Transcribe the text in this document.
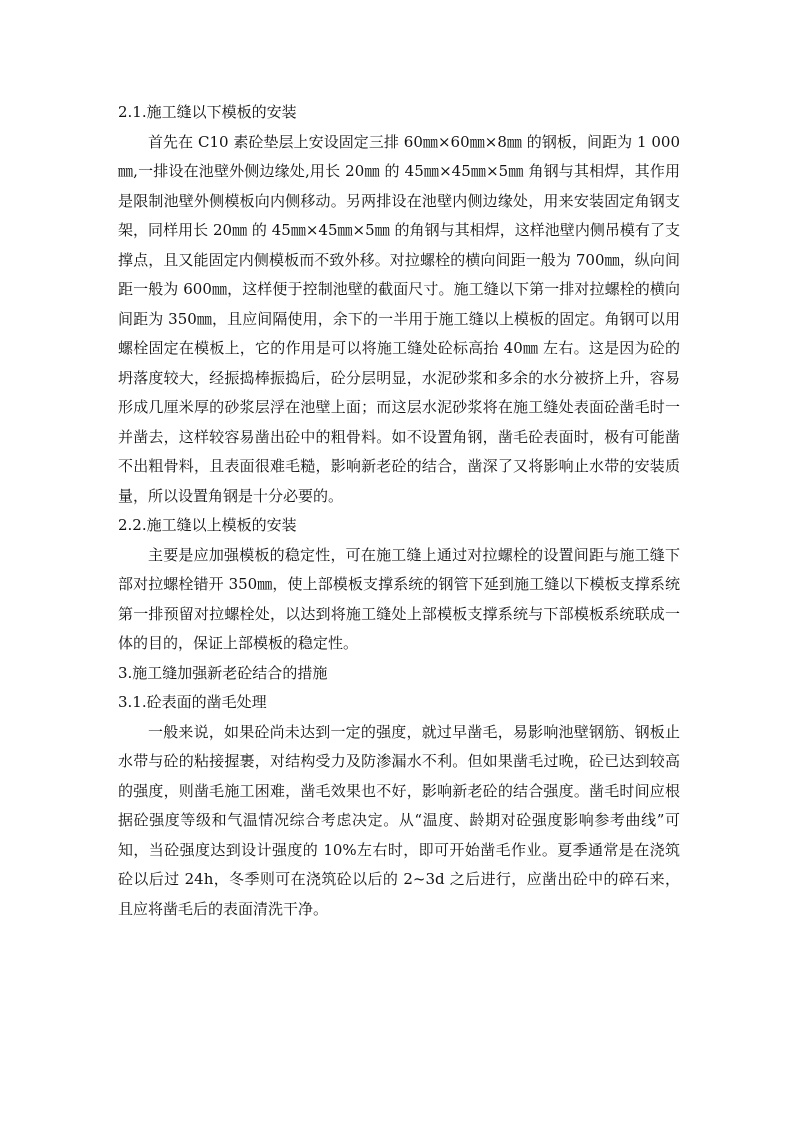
2.1.施工缝以下模板的安装

首先在 C10 素砼垫层上安设固定三排 60㎜×60㎜×8㎜ 的钢板，间距为 1 000㎜,一排设在池壁外侧边缘处,用长 20㎜ 的 45㎜×45㎜×5㎜ 角钢与其相焊，其作用是限制池壁外侧模板向内侧移动。另两排设在池壁内侧边缘处，用来安装固定角钢支架，同样用长 20㎜ 的 45㎜×45㎜×5㎜ 的角钢与其相焊，这样池壁内侧吊模有了支撑点，且又能固定内侧模板而不致外移。对拉螺栓的横向间距一般为 700㎜，纵向间距一般为 600㎜，这样便于控制池壁的截面尺寸。施工缝以下第一排对拉螺栓的横向间距为 350㎜，且应间隔使用，余下的一半用于施工缝以上模板的固定。角钢可以用螺栓固定在模板上，它的作用是可以将施工缝处砼标高抬 40㎜ 左右。这是因为砼的坍落度较大，经振捣棒振捣后，砼分层明显，水泥砂浆和多余的水分被挤上升，容易形成几厘米厚的砂浆层浮在池壁上面；而这层水泥砂浆将在施工缝处表面砼凿毛时一并凿去，这样较容易凿出砼中的粗骨料。如不设置角钢，凿毛砼表面时，极有可能凿不出粗骨料，且表面很难毛糙，影响新老砼的结合，凿深了又将影响止水带的安装质量，所以设置角钢是十分必要的。

2.2.施工缝以上模板的安装

主要是应加强模板的稳定性，可在施工缝上通过对拉螺栓的设置间距与施工缝下部对拉螺栓错开 350㎜，使上部模板支撑系统的钢管下延到施工缝以下模板支撑系统第一排预留对拉螺栓处，以达到将施工缝处上部模板支撑系统与下部模板系统联成一体的目的，保证上部模板的稳定性。

3.施工缝加强新老砼结合的措施
3.1.砼表面的凿毛处理

一般来说，如果砼尚未达到一定的强度，就过早凿毛，易影响池壁钢筋、钢板止水带与砼的粘接握裹，对结构受力及防渗漏水不利。但如果凿毛过晚，砼已达到较高的强度，则凿毛施工困难，凿毛效果也不好，影响新老砼的结合强度。凿毛时间应根据砼强度等级和气温情况综合考虑决定。从“温度、龄期对砼强度影响参考曲线”可知，当砼强度达到设计强度的 10%左右时，即可开始凿毛作业。夏季通常是在浇筑砼以后过 24h，冬季则可在浇筑砼以后的 2~3d 之后进行，应凿出砼中的碎石来，且应将凿毛后的表面清洗干净。
